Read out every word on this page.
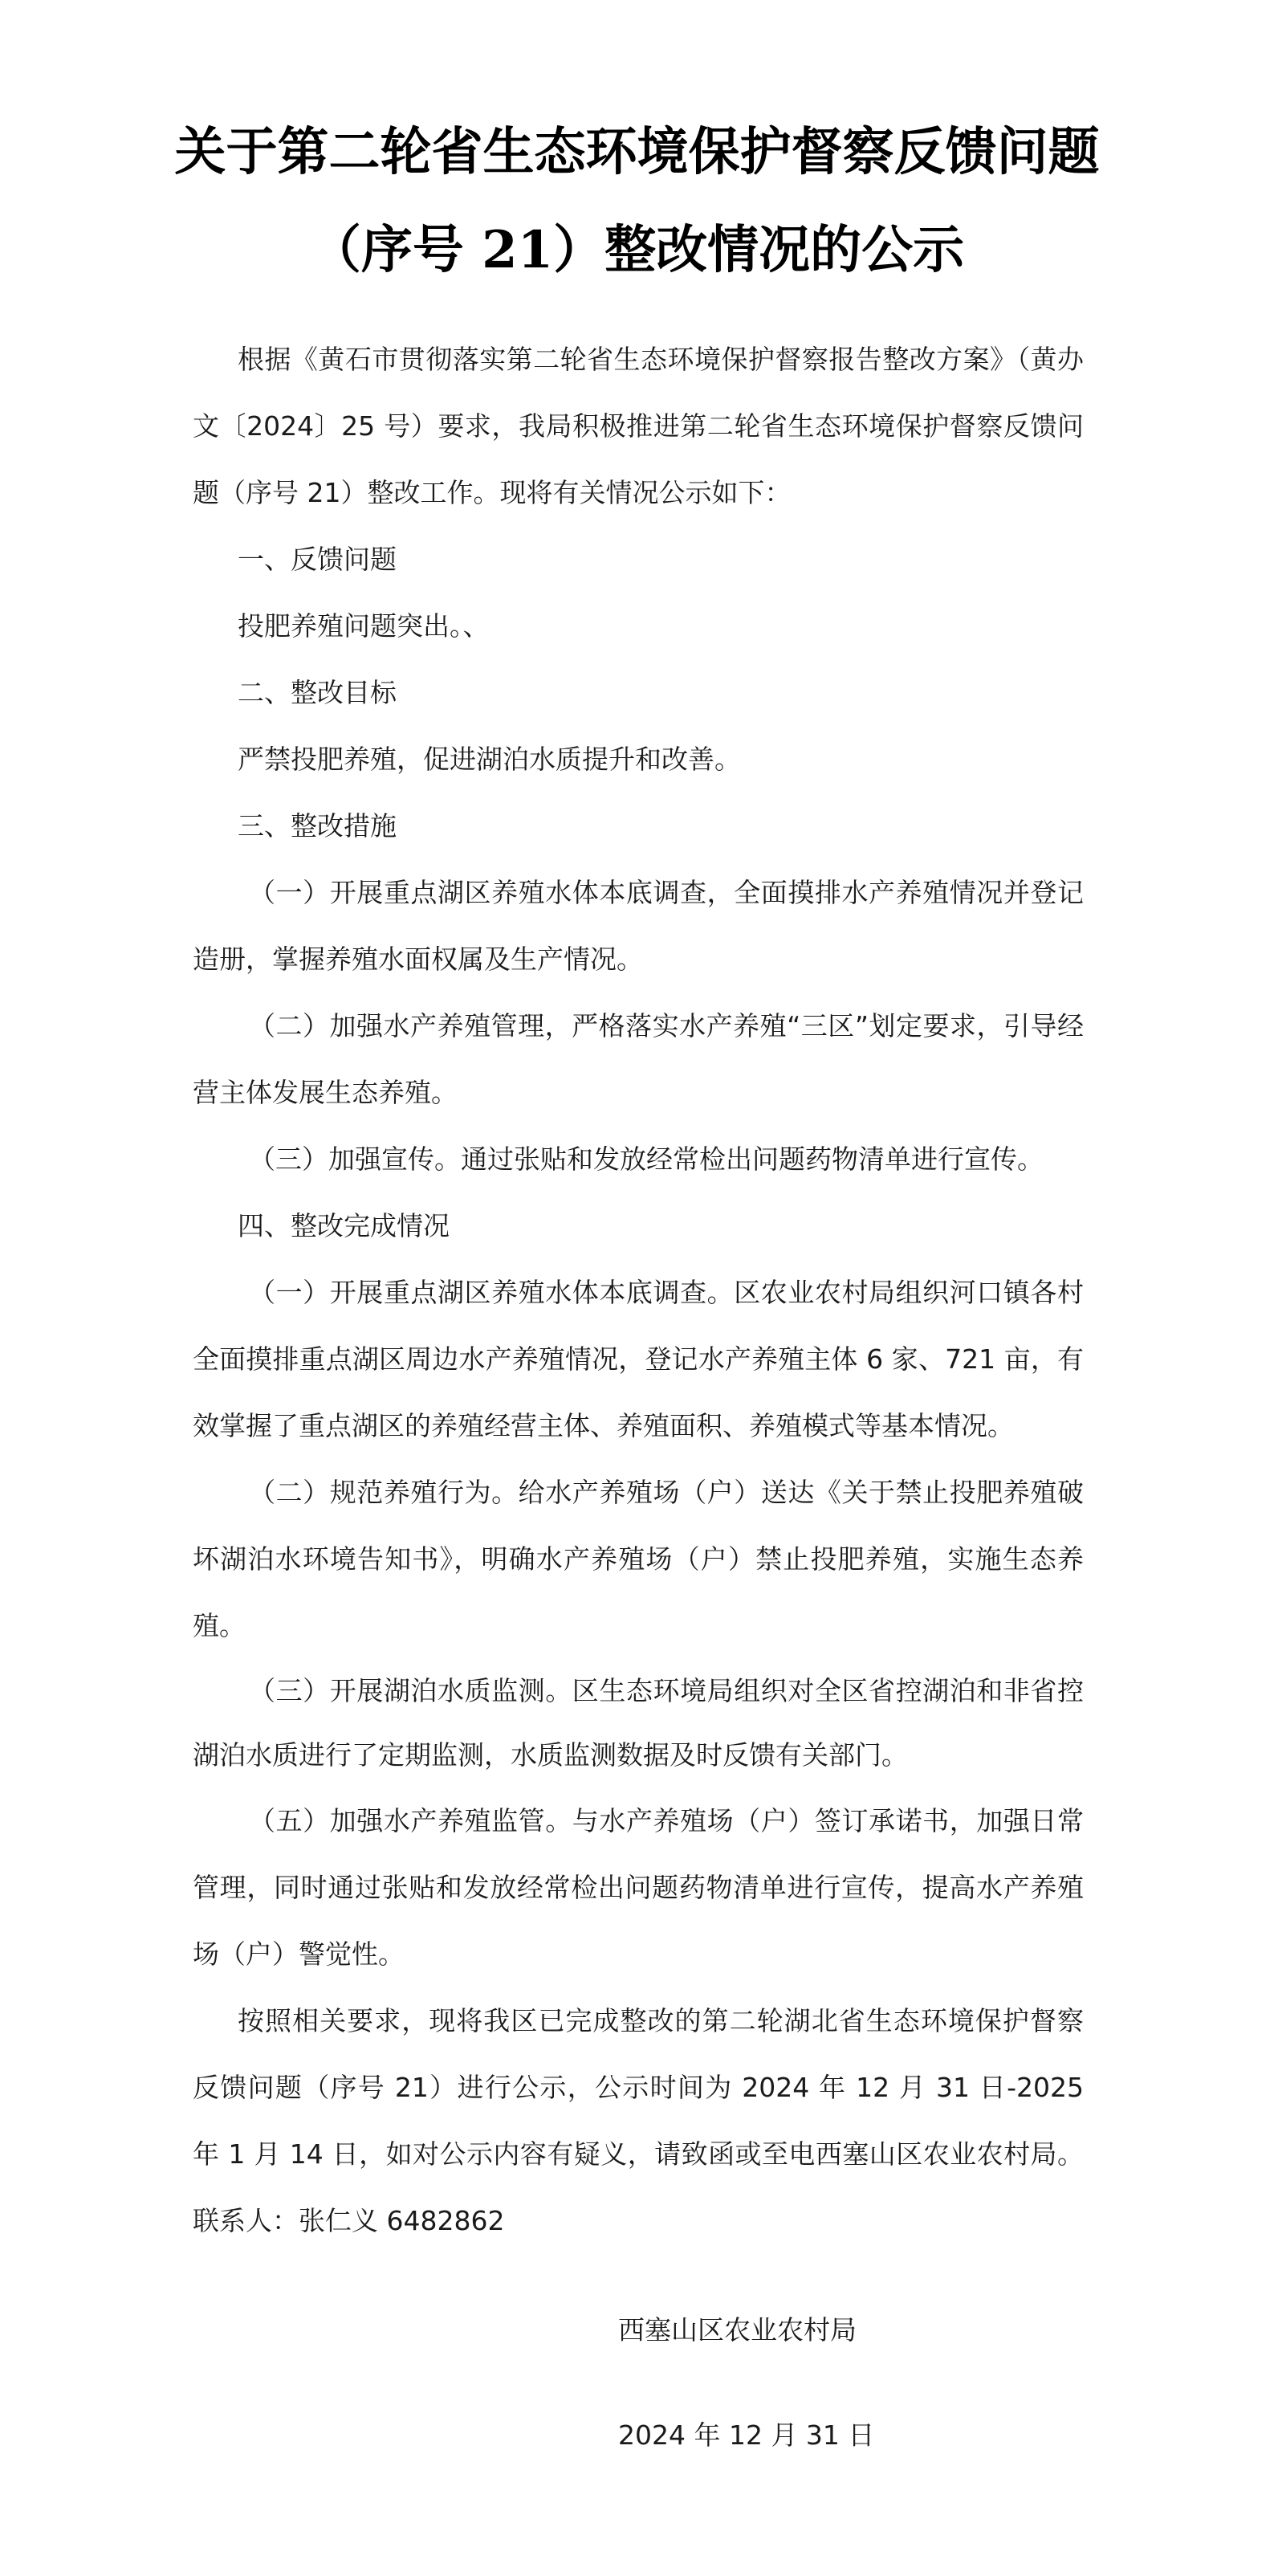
关于第二轮省生态环境保护督察反馈问题
（序号 21）整改情况的公示

根据《黄石市贯彻落实第二轮省生态环境保护督察报告整改方案》（黄办文〔2024〕25 号）要求，我局积极推进第二轮省生态环境保护督察反馈问题（序号 21）整改工作。现将有关情况公示如下：

一、反馈问题

投肥养殖问题突出。、

二、整改目标

严禁投肥养殖，促进湖泊水质提升和改善。

三、整改措施

（一）开展重点湖区养殖水体本底调查，全面摸排水产养殖情况并登记造册，掌握养殖水面权属及生产情况。

（二）加强水产养殖管理，严格落实水产养殖“三区”划定要求，引导经营主体发展生态养殖。

（三）加强宣传。通过张贴和发放经常检出问题药物清单进行宣传。

四、整改完成情况

（一）开展重点湖区养殖水体本底调查。区农业农村局组织河口镇各村全面摸排重点湖区周边水产养殖情况，登记水产养殖主体 6 家、721 亩，有效掌握了重点湖区的养殖经营主体、养殖面积、养殖模式等基本情况。

（二）规范养殖行为。给水产养殖场（户）送达《关于禁止投肥养殖破坏湖泊水环境告知书》，明确水产养殖场（户）禁止投肥养殖，实施生态养殖。

（三）开展湖泊水质监测。区生态环境局组织对全区省控湖泊和非省控湖泊水质进行了定期监测，水质监测数据及时反馈有关部门。

（五）加强水产养殖监管。与水产养殖场（户）签订承诺书，加强日常管理，同时通过张贴和发放经常检出问题药物清单进行宣传，提高水产养殖场（户）警觉性。

按照相关要求，现将我区已完成整改的第二轮湖北省生态环境保护督察反馈问题（序号 21）进行公示，公示时间为 2024 年 12 月 31 日-2025 年 1 月 14 日，如对公示内容有疑义，请致函或至电西塞山区农业农村局。联系人：张仁义 6482862

西塞山区农业农村局
2024 年 12 月 31 日
